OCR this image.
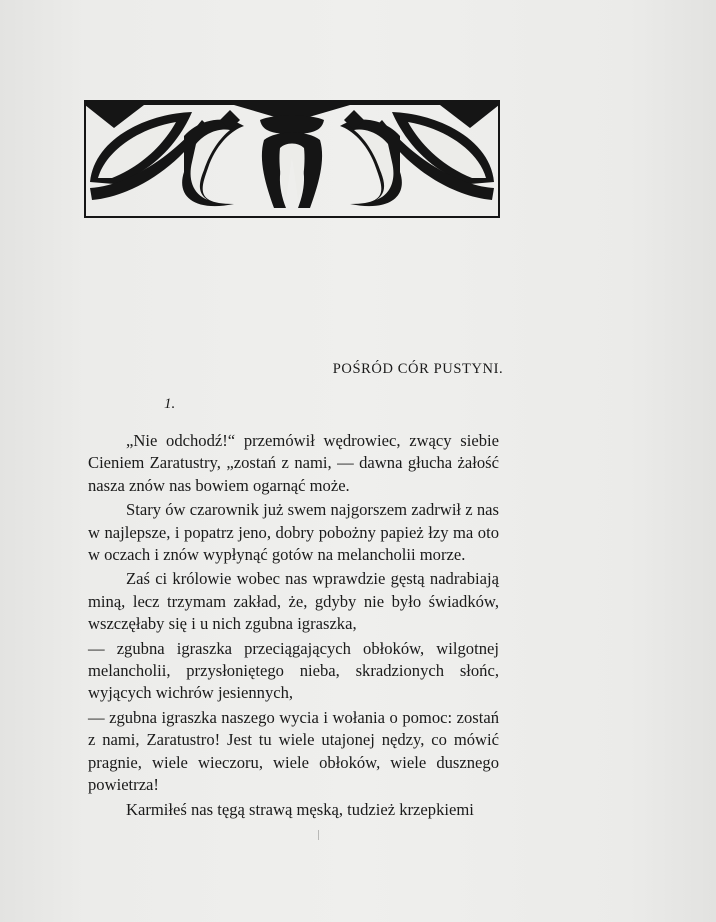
POŚRÓD CÓR PUSTYNI.
1.

„Nie odchodź!“ przemówił wędrowiec, zwący siebie Cieniem Zaratustry, „zostań z nami, — dawna głucha żałość nasza znów nas bowiem ogarnąć może.

Stary ów czarownik już swem najgorszem zadrwił z nas w najlepsze, i popatrz jeno, dobry pobożny papież łzy ma oto w oczach i znów wypłynąć gotów na melancholii morze.

Zaś ci królowie wobec nas wprawdzie gęstą nadrabiają miną, lecz trzymam zakład, że, gdyby nie było świadków, wszczęłaby się i u nich zgubna igraszka,

— zgubna igraszka przeciągających obłoków, wilgotnej melancholii, przysłoniętego nieba, skradzionych słońc, wyjących wichrów jesiennych,

— zgubna igraszka naszego wycia i wołania o pomoc: zostań z nami, Zaratustro! Jest tu wiele utajonej nędzy, co mówić pragnie, wiele wieczoru, wiele obłoków, wiele dusznego powietrza!

Karmiłeś nas tęgą strawą męską, tudzież krzepkiemi
